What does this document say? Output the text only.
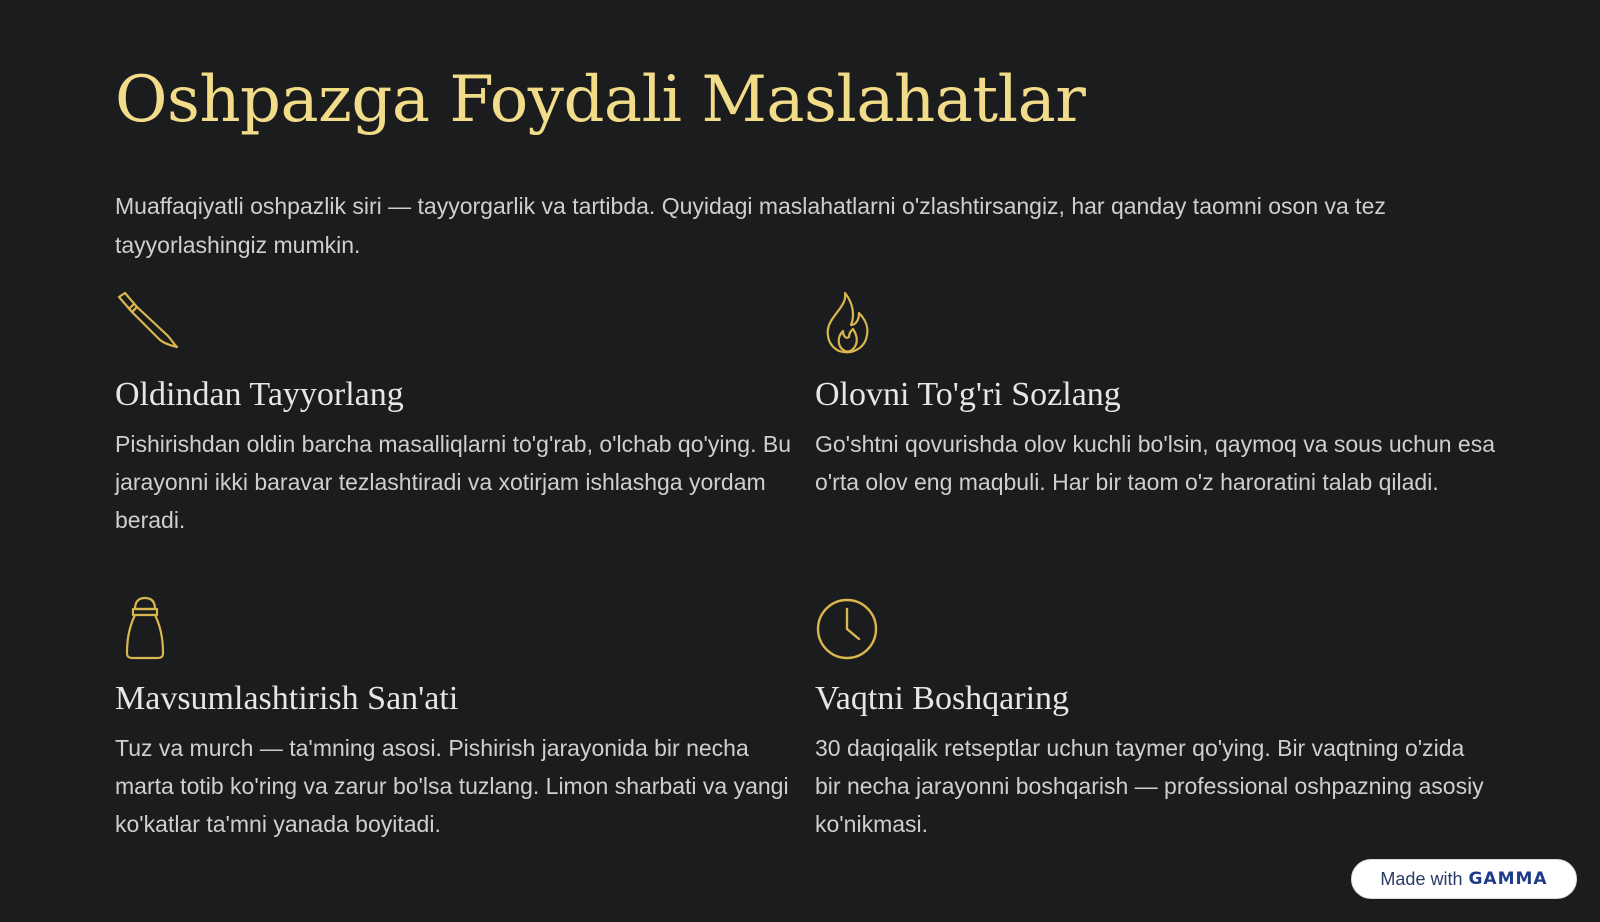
Oshpazga Foydali Maslahatlar

Muaffaqiyatli oshpazlik siri — tayyorgarlik va tartibda. Quyidagi maslahatlarni o'zlashtirsangiz, har qanday taomni oson va tez tayyorlashingiz mumkin.

Oldindan Tayyorlang

Pishirishdan oldin barcha masalliqlarni to'g'rab, o'lchab qo'ying. Bu jarayonni ikki baravar tezlashtiradi va xotirjam ishlashga yordam beradi.

Olovni To'g'ri Sozlang

Go'shtni qovurishda olov kuchli bo'lsin, qaymoq va sous uchun esa o'rta olov eng maqbuli. Har bir taom o'z haroratini talab qiladi.

Mavsumlashtirish San'ati

Tuz va murch — ta'mning asosi. Pishirish jarayonida bir necha marta totib ko'ring va zarur bo'lsa tuzlang. Limon sharbati va yangi ko'katlar ta'mni yanada boyitadi.

Vaqtni Boshqaring

30 daqiqalik retseptlar uchun taymer qo'ying. Bir vaqtning o'zida bir necha jarayonni boshqarish — professional oshpazning asosiy ko'nikmasi.

Made with GAMMA
